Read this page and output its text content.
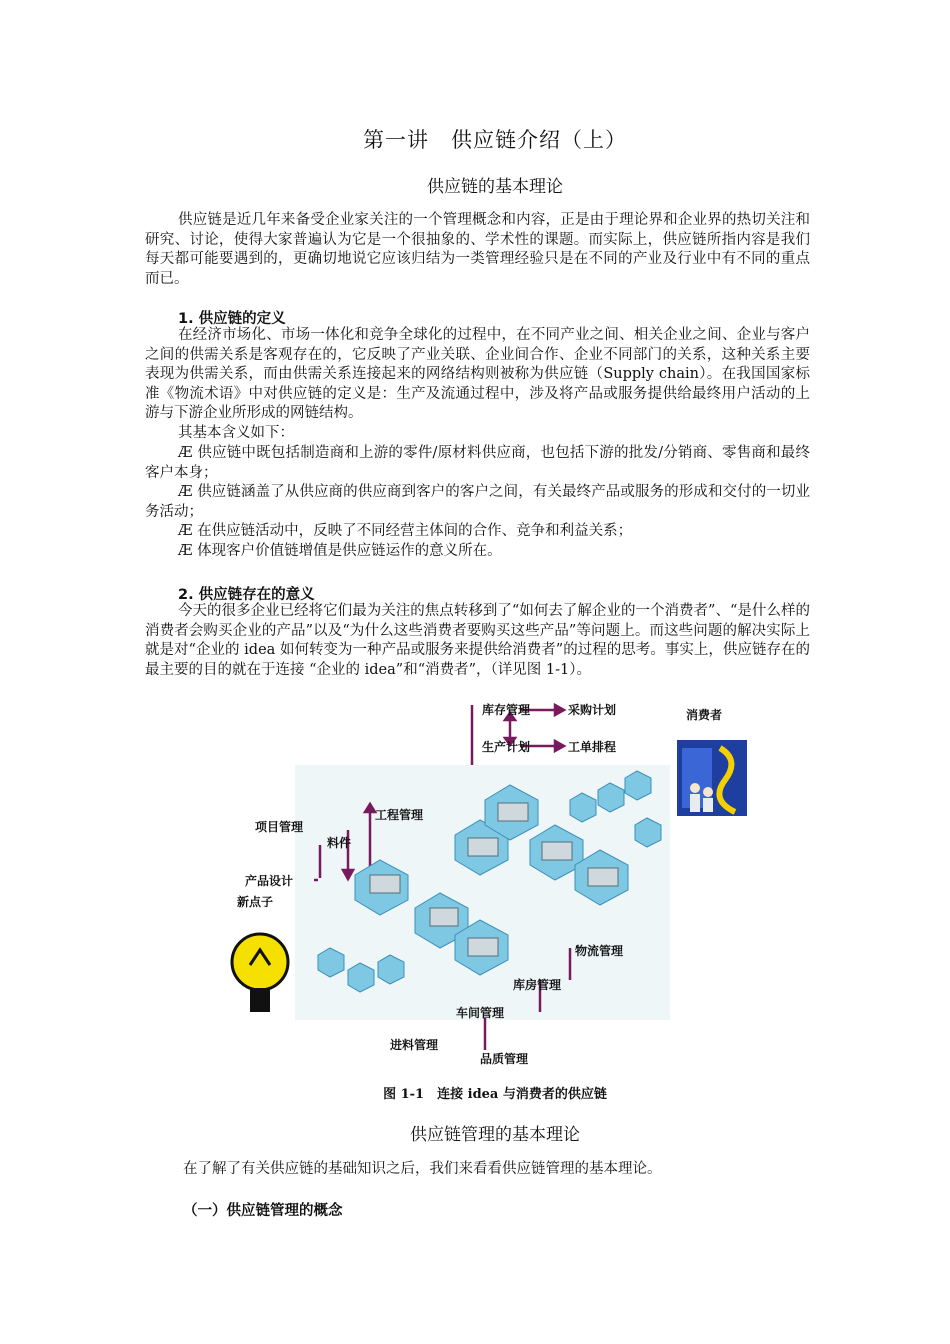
第一讲　供应链介绍（上）
供应链的基本理论
供应链是近几年来备受企业家关注的一个管理概念和内容，正是由于理论界和企业界的热切关注和研究、讨论，使得大家普遍认为它是一个很抽象的、学术性的课题。而实际上，供应链所指内容是我们每天都可能要遇到的，更确切地说它应该归结为一类管理经验只是在不同的产业及行业中有不同的重点而已。
1. 供应链的定义
在经济市场化、市场一体化和竞争全球化的过程中，在不同产业之间、相关企业之间、企业与客户之间的供需关系是客观存在的，它反映了产业关联、企业间合作、企业不同部门的关系，这种关系主要表现为供需关系，而由供需关系连接起来的网络结构则被称为供应链（Supply chain）。在我国国家标准《物流术语》中对供应链的定义是：生产及流通过程中，涉及将产品或服务提供给最终用户活动的上游与下游企业所形成的网链结构。
其基本含义如下：
Æ 供应链中既包括制造商和上游的零件/原材料供应商，也包括下游的批发/分销商、零售商和最终客户本身；
Æ 供应链涵盖了从供应商的供应商到客户的客户之间，有关最终产品或服务的形成和交付的一切业务活动；
Æ 在供应链活动中，反映了不同经营主体间的合作、竞争和利益关系；
Æ 体现客户价值链增值是供应链运作的意义所在。
2. 供应链存在的意义
今天的很多企业已经将它们最为关注的焦点转移到了“如何去了解企业的一个消费者”、“是什么样的消费者会购买企业的产品”以及“为什么这些消费者要购买这些产品”等问题上。而这些问题的解决实际上就是对“企业的 idea 如何转变为一种产品或服务来提供给消费者”的过程的思考。事实上，供应链存在的最主要的目的就在于连接 “企业的 idea”和“消费者”，（详见图 1-1）。
库存管理	采购计划
生产计划	工单排程
消费者
工程管理
项目管理
料件
产品设计
新点子
物流管理
库房管理
车间管理
进料管理
品质管理
图 1-1　连接 idea 与消费者的供应链
供应链管理的基本理论
在了解了有关供应链的基础知识之后，我们来看看供应链管理的基本理论。
（一）供应链管理的概念
